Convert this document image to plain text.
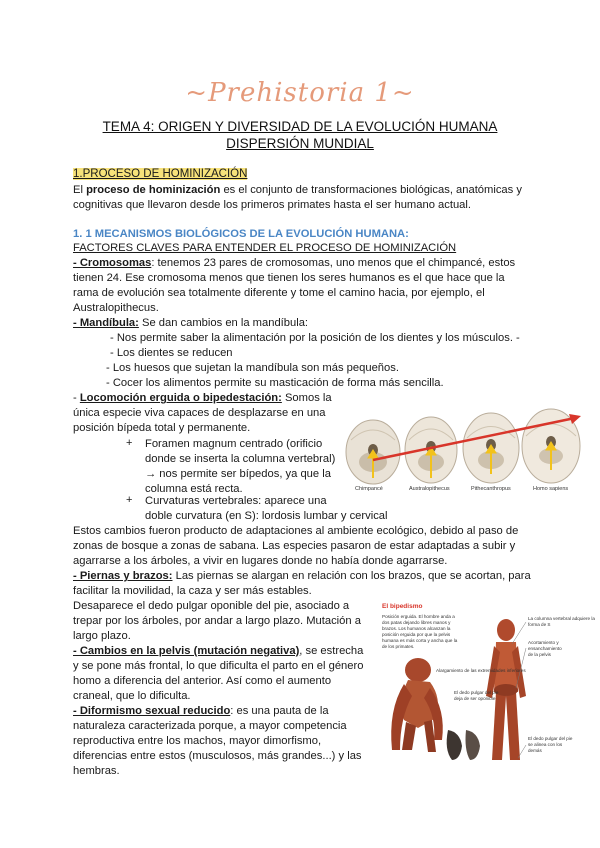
~Prehistoria 1~
TEMA 4: ORIGEN Y DIVERSIDAD DE LA EVOLUCIÓN HUMANA
DISPERSIÓN MUNDIAL
1.PROCESO DE HOMINIZACIÓN
El proceso de hominización es el conjunto de transformaciones biológicas, anatómicas y
cognitivas que llevaron desde los primeros primates hasta el ser humano actual.
1. 1 MECANISMOS BIOLÓGICOS DE LA EVOLUCIÓN HUMANA:
FACTORES CLAVES PARA ENTENDER EL PROCESO DE HOMINIZACIÓN
- Cromosomas: tenemos 23 pares de cromosomas, uno menos que el chimpancé, estos
tienen 24. Ese cromosoma menos que tienen los seres humanos es el que hace que la
rama de evolución sea totalmente diferente y tome el camino hacia, por ejemplo, el
Australopithecus.
- Mandíbula: Se dan cambios en la mandíbula:
- Nos permite saber la alimentación por la posición de los dientes y los músculos. -
- Los dientes se reducen
- Los huesos que sujetan la mandíbula son más pequeños.
- Cocer los alimentos permite su masticación de forma más sencilla.
- Locomoción erguida o bipedestación: Somos la
única especie viva capaces de desplazarse en una
posición bípeda total y permanente.
+ Foramen magnum centrado (orificio
donde se inserta la columna vertebral)
→ nos permite ser bípedos, ya que la
columna está recta.
+ Curvaturas vertebrales: aparece una
doble curvatura (en S): lordosis lumbar y cervical
Estos cambios fueron producto de adaptaciones al ambiente ecológico, debido al paso de
zonas de bosque a zonas de sabana. Las especies pasaron de estar adaptadas a subir y
agarrarse a los árboles, a vivir en lugares donde no había donde agarrarse.
- Piernas y brazos: Las piernas se alargan en relación con los brazos, que se acortan, para
facilitar la movilidad, la caza y ser más estables.
Desaparece el dedo pulgar oponible del pie, asociado a
trepar por los árboles, por andar a largo plazo. Mutación a
largo plazo.
- Cambios en la pelvis (mutación negativa), se estrecha
y se pone más frontal, lo que dificulta el parto en el género
homo a diferencia del anterior. Así como el aumento
craneal, que lo dificulta.
- Diformismo sexual reducido: es una pauta de la
naturaleza caracterizada porque, a mayor competencia
reproductiva entre los machos, mayor dimorfismo,
diferencias entre estos (musculosos, más grandes...) y las
hembras.
Chimpancé	Australopithecus	Pithecanthropus	Homo sapiens
El bipedismo
Posición erguida. El hombre anda a
dos patas dejando libres manos y
brazos. Los humanos alcanzan la
posición erguida por que la pelvis
humana es más corta y ancha que la
de los primates.
Alargamiento de las extremidades inferiores
El dedo pulgar del pie
deja de ser oponible
La columna vertebral adquiere la
forma de S
Acortamiento y
ensanchamiento
de la pelvis
El dedo pulgar del pie
se alinea con los
demás
